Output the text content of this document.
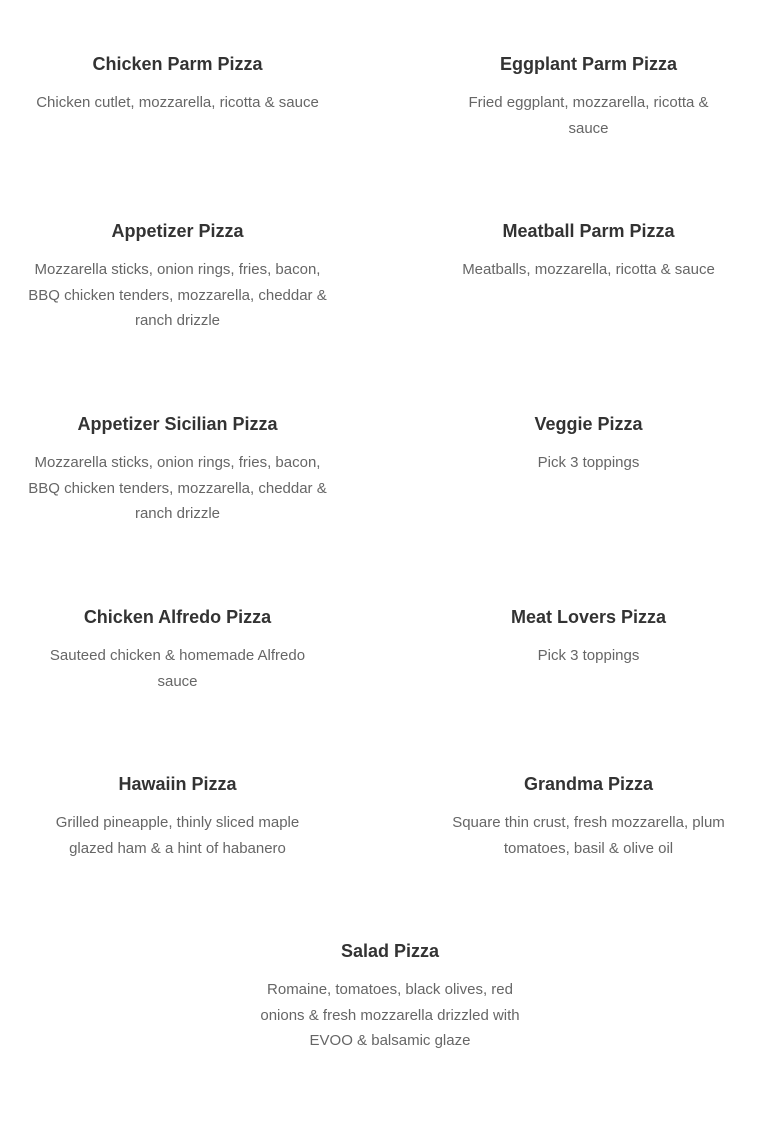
Chicken Parm Pizza

Chicken cutlet, mozzarella, ricotta & sauce

Eggplant Parm Pizza

Fried eggplant, mozzarella, ricotta & sauce

Appetizer Pizza

Mozzarella sticks, onion rings, fries, bacon, BBQ chicken tenders, mozzarella, cheddar & ranch drizzle

Meatball Parm Pizza

Meatballs, mozzarella, ricotta & sauce

Appetizer Sicilian Pizza

Mozzarella sticks, onion rings, fries, bacon, BBQ chicken tenders, mozzarella, cheddar & ranch drizzle

Veggie Pizza

Pick 3 toppings

Chicken Alfredo Pizza

Sauteed chicken & homemade Alfredo sauce

Meat Lovers Pizza

Pick 3 toppings

Hawaiin Pizza

Grilled pineapple, thinly sliced maple glazed ham & a hint of habanero

Grandma Pizza

Square thin crust, fresh mozzarella, plum tomatoes, basil & olive oil

Salad Pizza

Romaine, tomatoes, black olives, red onions & fresh mozzarella drizzled with EVOO & balsamic glaze
